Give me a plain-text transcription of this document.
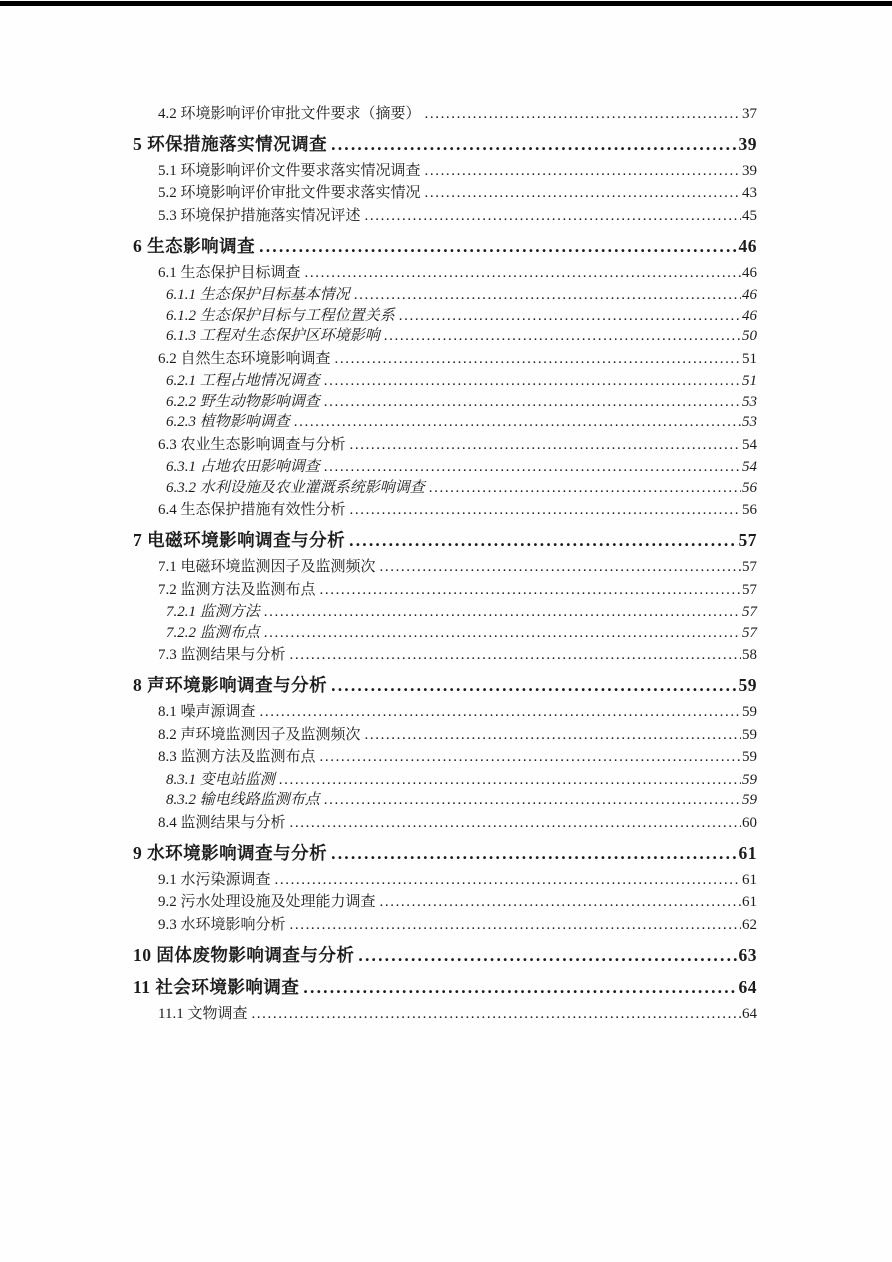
4.2 环境影响评价审批文件要求（摘要） .....	37
5 环保措施落实情况调查 .....	39
5.1 环境影响评价文件要求落实情况调查 .....	39
5.2 环境影响评价审批文件要求落实情况 .....	43
5.3 环境保护措施落实情况评述 .....	45
6 生态影响调查 .....	46
6.1 生态保护目标调查 .....	46
6.1.1 生态保护目标基本情况 .....	46
6.1.2 生态保护目标与工程位置关系 .....	46
6.1.3 工程对生态保护区环境影响 .....	50
6.2 自然生态环境影响调查 .....	51
6.2.1 工程占地情况调查 .....	51
6.2.2 野生动物影响调查 .....	53
6.2.3 植物影响调查 .....	53
6.3 农业生态影响调查与分析 .....	54
6.3.1 占地农田影响调查 .....	54
6.3.2 水利设施及农业灌溉系统影响调查 .....	56
6.4 生态保护措施有效性分析 .....	56
7 电磁环境影响调查与分析 .....	57
7.1 电磁环境监测因子及监测频次 .....	57
7.2 监测方法及监测布点 .....	57
7.2.1 监测方法 .....	57
7.2.2 监测布点 .....	57
7.3 监测结果与分析 .....	58
8 声环境影响调查与分析 .....	59
8.1 噪声源调查 .....	59
8.2 声环境监测因子及监测频次 .....	59
8.3 监测方法及监测布点 .....	59
8.3.1 变电站监测 .....	59
8.3.2 输电线路监测布点 .....	59
8.4 监测结果与分析 .....	60
9 水环境影响调查与分析 .....	61
9.1 水污染源调查 .....	61
9.2 污水处理设施及处理能力调查 .....	61
9.3 水环境影响分析 .....	62
10 固体废物影响调查与分析 .....	63
11 社会环境影响调查 .....	64
11.1 文物调查 .....	64
